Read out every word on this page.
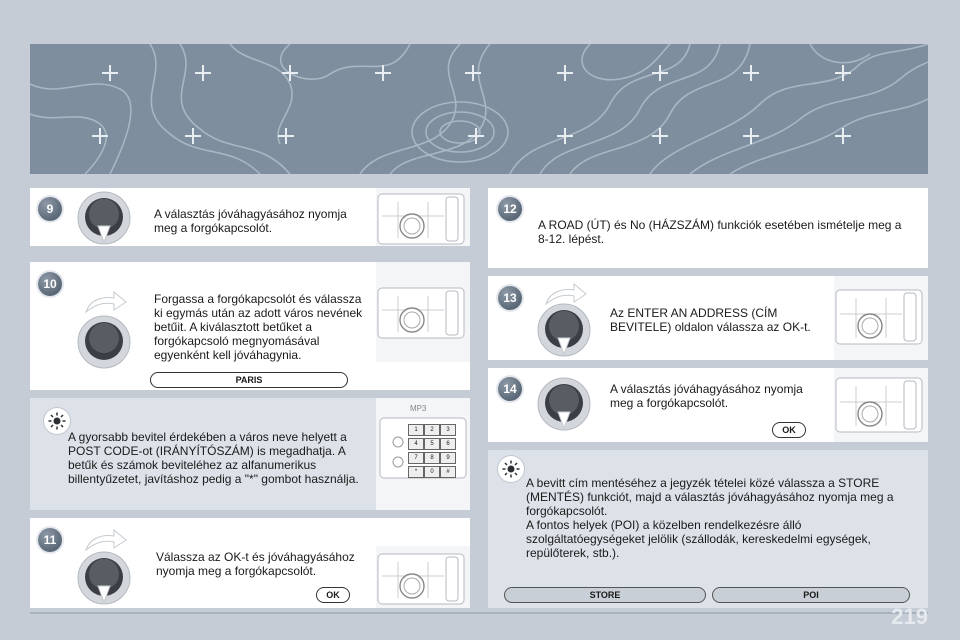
9	A választás jóváhagyásához nyomja meg a forgókapcsolót.
10
Forgassa a forgókapcsolót és válassza ki egymás után az adott város nevének betűit. A kiválasztott betűket a forgókapcsoló megnyomásával egyenként kell jóváhagynia.
PARIS
A gyorsabb bevitel érdekében a város neve helyett a POST CODE-ot (IRÁNYÍTÓSZÁM) is megadhatja. A betűk és számok beviteléhez az alfanumerikus billentyűzetet, javításhoz pedig a "*" gombot használja.
MP3
1	2	3
4	5	6
7	8	9
*	0	#
11
Válassza az OK-t és jóváhagyásához nyomja meg a forgókapcsolót.
OK
12
A ROAD (ÚT) és No (HÁZSZÁM) funkciók esetében ismételje meg a 8-12. lépést.
13
Az ENTER AN ADDRESS (CÍM BEVITELE) oldalon válassza az OK-t.
14	A választás jóváhagyásához nyomja meg a forgókapcsolót.
OK

A bevitt cím mentéséhez a jegyzék tételei közé válassza a STORE (MENTÉS) funkciót, majd a választás jóváhagyásához nyomja meg a forgókapcsolót.

A fontos helyek (POI) a közelben rendelkezésre álló szolgáltatóegységeket jelölik (szállodák, kereskedelmi egységek, repülőterek, stb.).

STORE	POI
219
